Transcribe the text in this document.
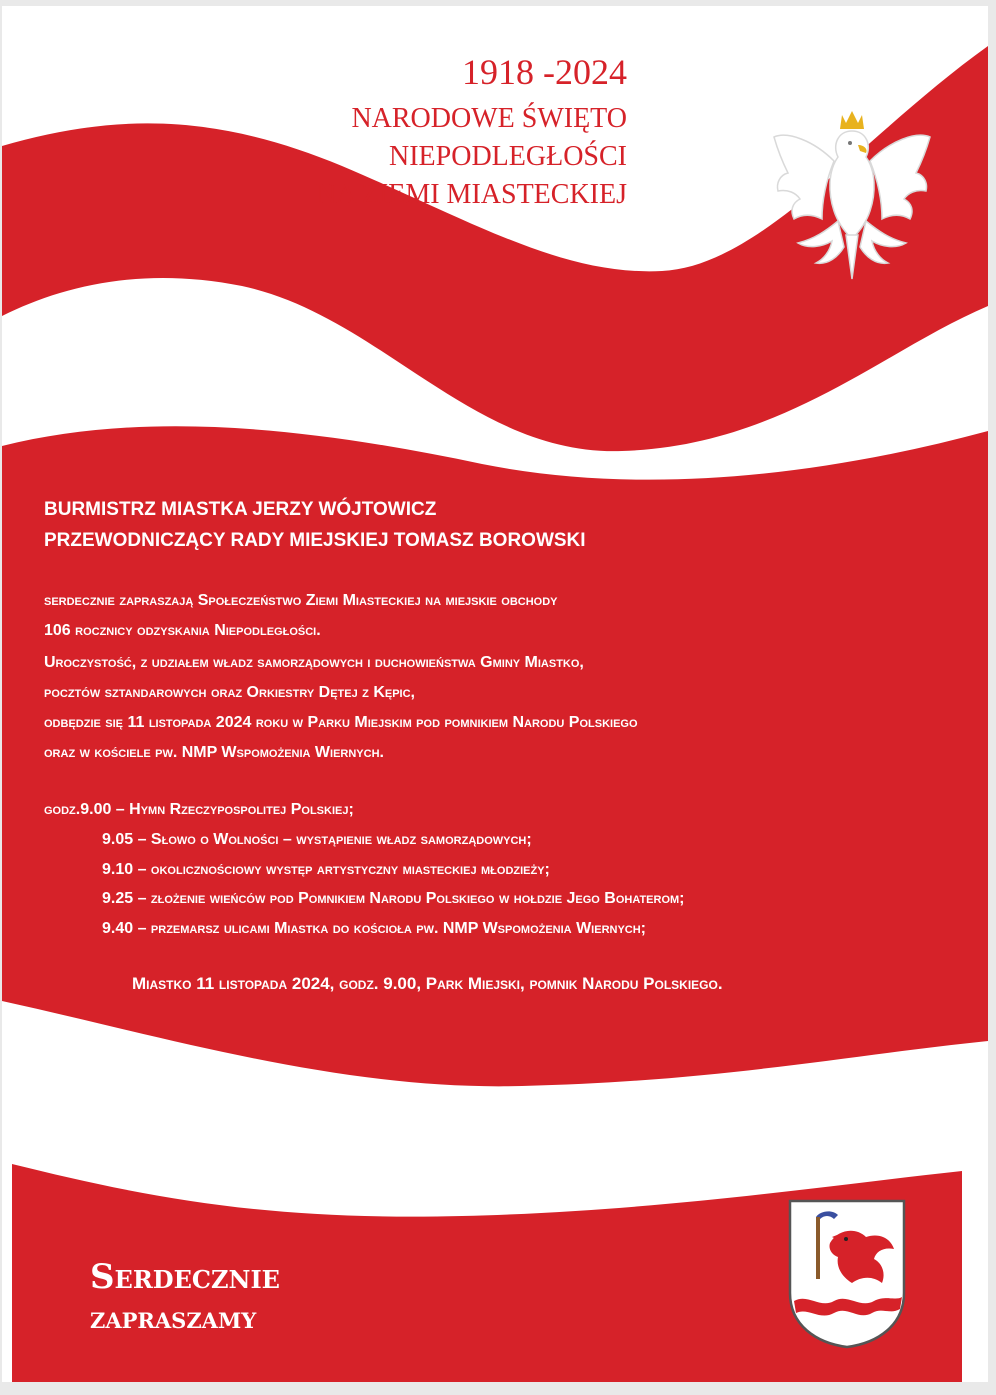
1918 -2024
NARODOWE ŚWIĘTO
NIEPODLEGŁOŚCI
NA ZIEMI MIASTECKIEJ
BURMISTRZ MIASTKA JERZY WÓJTOWICZ
PRZEWODNICZĄCY RADY MIEJSKIEJ TOMASZ BOROWSKI
serdecznie zapraszają Społeczeństwo Ziemi Miasteckiej na miejskie obchody
106 rocznicy odzyskania Niepodległości.
Uroczystość, z udziałem władz samorządowych i duchowieństwa Gminy Miastko,
pocztów sztandarowych oraz Orkiestry Dętej z Kępic,
odbędzie się 11 listopada 2024 roku w Parku Miejskim pod pomnikiem Narodu Polskiego
oraz w kościele pw. NMP Wspomożenia Wiernych.
godz.9.00 – Hymn Rzeczypospolitej Polskiej;
9.05 – Słowo o Wolności – wystąpienie władz samorządowych;
9.10 – okolicznościowy występ artystyczny miasteckiej młodzieży;
9.25 – złożenie wieńców pod Pomnikiem Narodu Polskiego w hołdzie Jego Bohaterom;
9.40 – przemarsz ulicami Miastka do kościoła pw. NMP Wspomożenia Wiernych;
Miastko 11 listopada 2024, godz. 9.00, Park Miejski, pomnik Narodu Polskiego.
Serdecznie
zapraszamy
